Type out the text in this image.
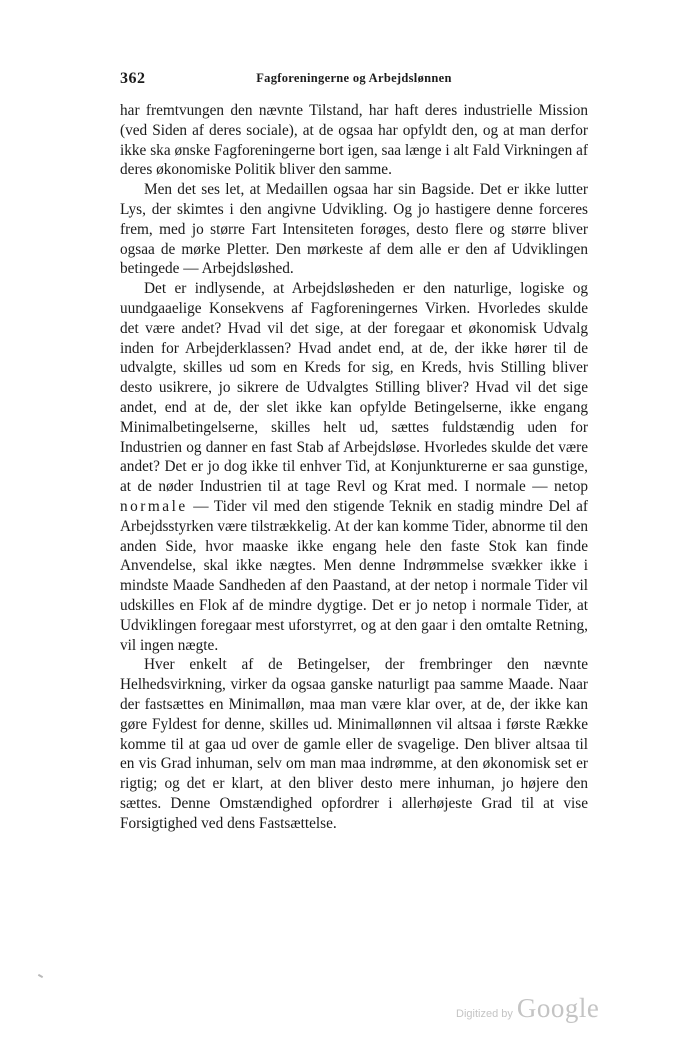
362	Fagforeningerne og Arbejdslønnen

har fremtvungen den nævnte Tilstand, har haft deres industrielle Mission (ved Siden af deres sociale), at de ogsaa har opfyldt den, og at man derfor ikke ska ønske Fagforeningerne bort igen, saa længe i alt Fald Virkningen af deres økonomiske Politik bliver den samme.

Men det ses let, at Medaillen ogsaa har sin Bagside. Det er ikke lutter Lys, der skimtes i den angivne Udvikling. Og jo hastigere denne forceres frem, med jo større Fart Intensiteten forøges, desto flere og større bliver ogsaa de mørke Pletter. Den mørkeste af dem alle er den af Udviklingen betingede — Arbejdsløshed.

Det er indlysende, at Arbejdsløsheden er den naturlige, logiske og uundgaaelige Konsekvens af Fagforeningernes Virken. Hvorledes skulde det være andet? Hvad vil det sige, at der foregaar et økonomisk Udvalg inden for Arbejderklassen? Hvad andet end, at de, der ikke hører til de udvalgte, skilles ud som en Kreds for sig, en Kreds, hvis Stilling bliver desto usikrere, jo sikrere de Udvalgtes Stilling bliver? Hvad vil det sige andet, end at de, der slet ikke kan opfylde Betingelserne, ikke engang Minimalbetingelserne, skilles helt ud, sættes fuldstændig uden for Industrien og danner en fast Stab af Arbejdsløse. Hvorledes skulde det være andet? Det er jo dog ikke til enhver Tid, at Konjunkturerne er saa gunstige, at de nøder Industrien til at tage Revl og Krat med. I normale — netop normale — Tider vil med den stigende Teknik en stadig mindre Del af Arbejdsstyrken være tilstrækkelig. At der kan komme Tider, abnorme til den anden Side, hvor maaske ikke engang hele den faste Stok kan finde Anvendelse, skal ikke nægtes. Men denne Indrømmelse svækker ikke i mindste Maade Sandheden af den Paastand, at der netop i normale Tider vil udskilles en Flok af de mindre dygtige. Det er jo netop i normale Tider, at Udviklingen foregaar mest uforstyrret, og at den gaar i den omtalte Retning, vil ingen nægte.

Hver enkelt af de Betingelser, der frembringer den nævnte Helhedsvirkning, virker da ogsaa ganske naturligt paa samme Maade. Naar der fastsættes en Minimalløn, maa man være klar over, at de, der ikke kan gøre Fyldest for denne, skilles ud. Minimallønnen vil altsaa i første Række komme til at gaa ud over de gamle eller de svagelige. Den bliver altsaa til en vis Grad inhuman, selv om man maa indrømme, at den økonomisk set er rigtig; og det er klart, at den bliver desto mere inhuman, jo højere den sættes. Denne Omstændighed opfordrer i allerhøjeste Grad til at vise Forsigtighed ved dens Fastsættelse.

Digitized by Google
